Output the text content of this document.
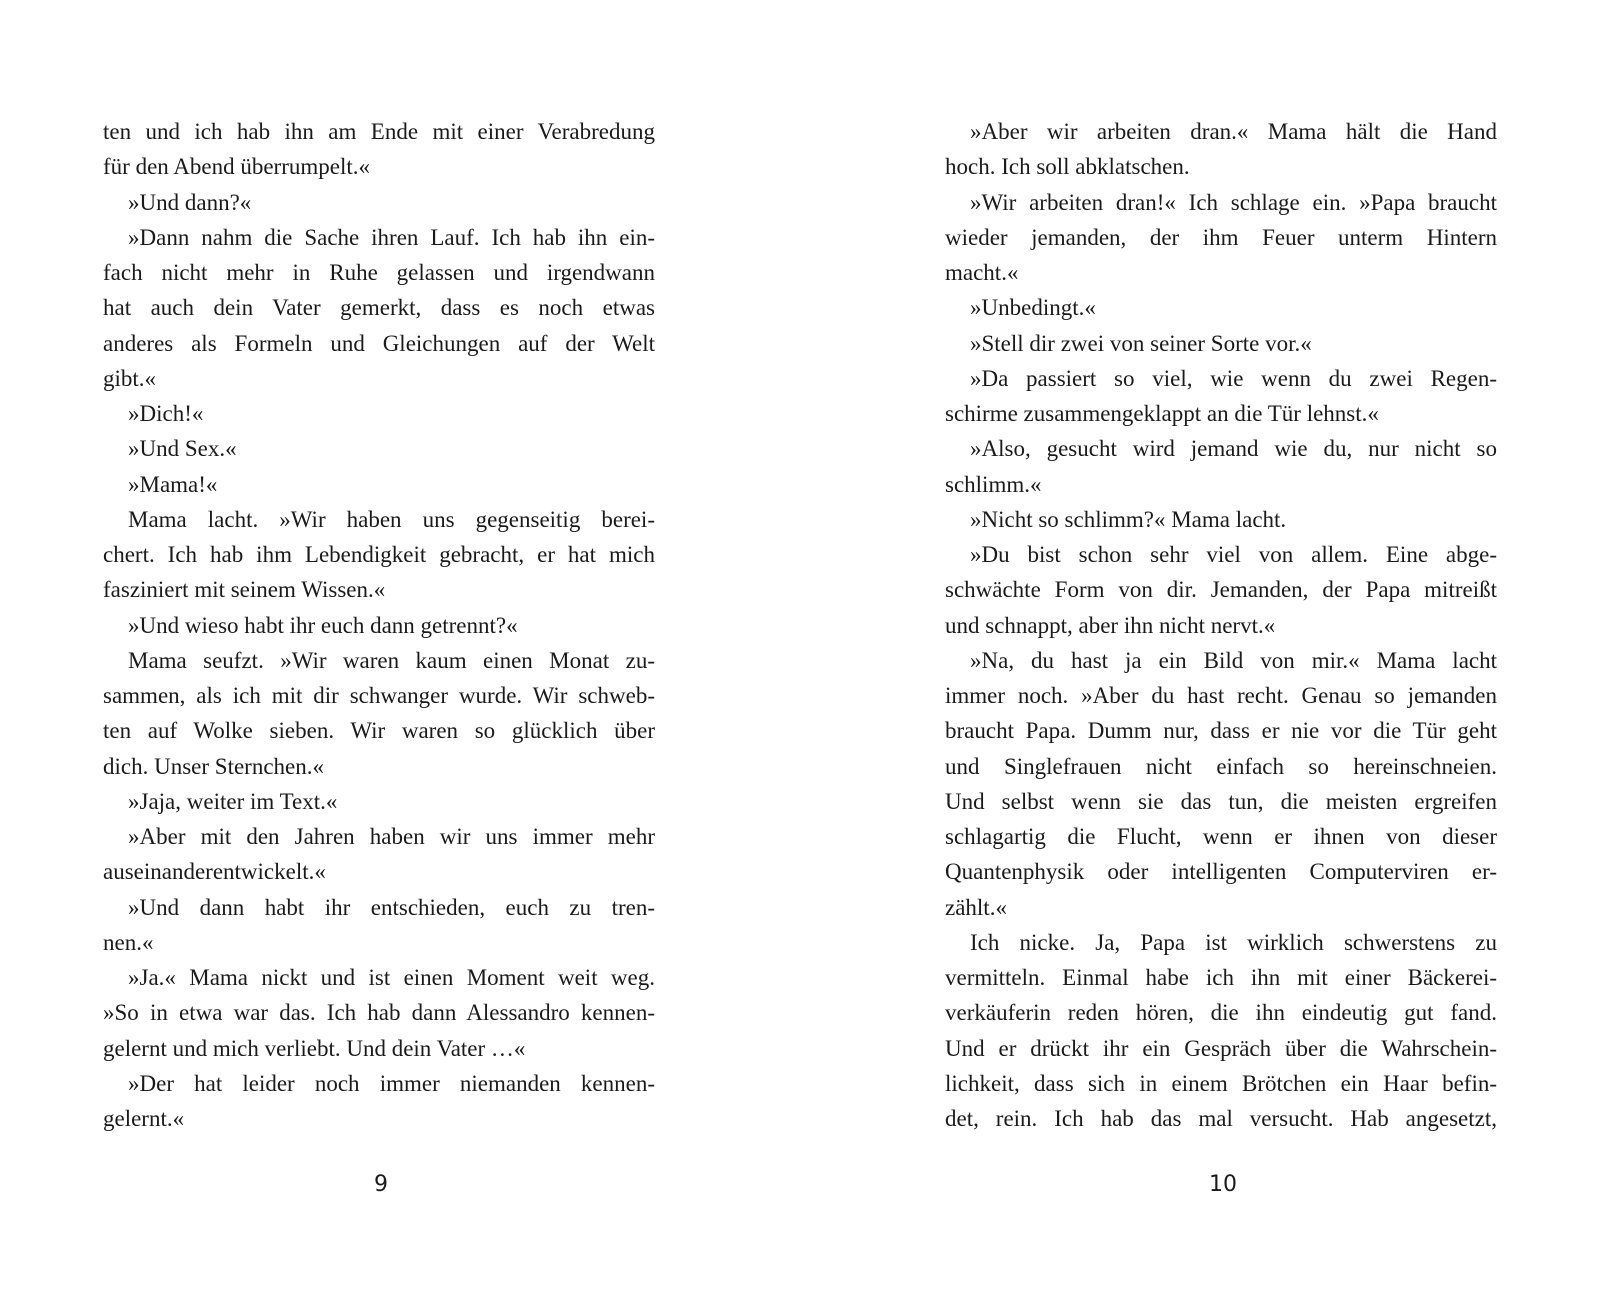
ten und ich hab ihn am Ende mit einer Verabredung
für den Abend überrumpelt.«
»Und dann?«
»Dann nahm die Sache ihren Lauf. Ich hab ihn ein-
fach nicht mehr in Ruhe gelassen und irgendwann
hat auch dein Vater gemerkt, dass es noch etwas
anderes als Formeln und Gleichungen auf der Welt
gibt.«
»Dich!«
»Und Sex.«
»Mama!«
Mama lacht. »Wir haben uns gegenseitig berei-
chert. Ich hab ihm Lebendigkeit gebracht, er hat mich
fasziniert mit seinem Wissen.«
»Und wieso habt ihr euch dann getrennt?«
Mama seufzt. »Wir waren kaum einen Monat zu-
sammen, als ich mit dir schwanger wurde. Wir schweb-
ten auf Wolke sieben. Wir waren so glücklich über
dich. Unser Sternchen.«
»Jaja, weiter im Text.«
»Aber mit den Jahren haben wir uns immer mehr
auseinanderentwickelt.«
»Und dann habt ihr entschieden, euch zu tren-
nen.«
»Ja.« Mama nickt und ist einen Moment weit weg.
»So in etwa war das. Ich hab dann Alessandro kennen-
gelernt und mich verliebt. Und dein Vater …«
»Der hat leider noch immer niemanden kennen-
gelernt.«
9
»Aber wir arbeiten dran.« Mama hält die Hand
hoch. Ich soll abklatschen.
»Wir arbeiten dran!« Ich schlage ein. »Papa braucht
wieder jemanden, der ihm Feuer unterm Hintern
macht.«
»Unbedingt.«
»Stell dir zwei von seiner Sorte vor.«
»Da passiert so viel, wie wenn du zwei Regen-
schirme zusammengeklappt an die Tür lehnst.«
»Also, gesucht wird jemand wie du, nur nicht so
schlimm.«
»Nicht so schlimm?« Mama lacht.
»Du bist schon sehr viel von allem. Eine abge-
schwächte Form von dir. Jemanden, der Papa mitreißt
und schnappt, aber ihn nicht nervt.«
»Na, du hast ja ein Bild von mir.« Mama lacht
immer noch. »Aber du hast recht. Genau so jemanden
braucht Papa. Dumm nur, dass er nie vor die Tür geht
und Singlefrauen nicht einfach so hereinschneien.
Und selbst wenn sie das tun, die meisten ergreifen
schlagartig die Flucht, wenn er ihnen von dieser
Quantenphysik oder intelligenten Computerviren er-
zählt.«
Ich nicke. Ja, Papa ist wirklich schwerstens zu
vermitteln. Einmal habe ich ihn mit einer Bäckerei-
verkäuferin reden hören, die ihn eindeutig gut fand.
Und er drückt ihr ein Gespräch über die Wahrschein-
lichkeit, dass sich in einem Brötchen ein Haar befin-
det, rein. Ich hab das mal versucht. Hab angesetzt,
10
